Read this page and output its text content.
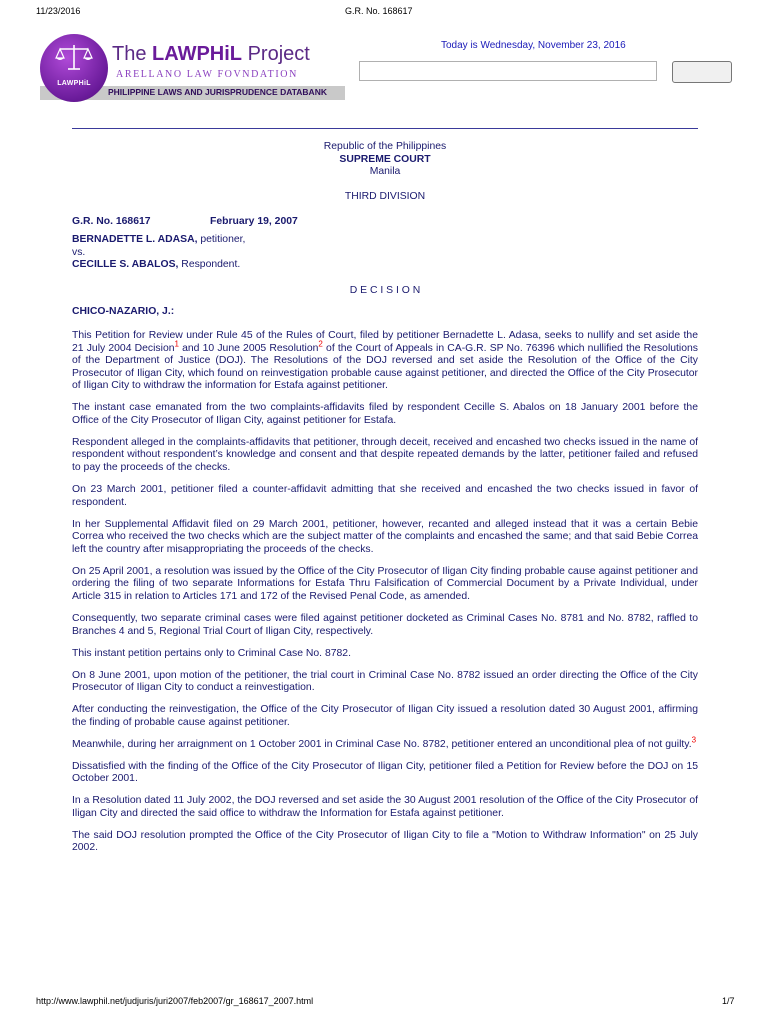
11/23/2016	G.R. No. 168617
PHILIPPINE LAWS AND JURISPRUDENCE DATABANK
LAWPHiL
The LAWPHiL Project
ARELLANO LAW FOVNDATION
Today is Wednesday, November 23, 2016
Republic of the Philippines
SUPREME COURT
Manila
THIRD DIVISION
G.R. No. 168617	February 19, 2007
BERNADETTE L. ADASA, petitioner,
vs.
CECILLE S. ABALOS, Respondent.
D E C I S I O N
CHICO-NAZARIO, J.:

This Petition for Review under Rule 45 of the Rules of Court, filed by petitioner Bernadette L. Adasa, seeks to nullify and set aside the 21 July 2004 Decision$^1$ and 10 June 2005 Resolution$^2$ of the Court of Appeals in CA-G.R. SP No. 76396 which nullified the Resolutions of the Department of Justice (DOJ). The Resolutions of the DOJ reversed and set aside the Resolution of the Office of the City Prosecutor of Iligan City, which found on reinvestigation probable cause against petitioner, and directed the Office of the City Prosecutor of Iligan City to withdraw the information for Estafa against petitioner.

The instant case emanated from the two complaints-affidavits filed by respondent Cecille S. Abalos on 18 January 2001 before the Office of the City Prosecutor of Iligan City, against petitioner for Estafa.

Respondent alleged in the complaints-affidavits that petitioner, through deceit, received and encashed two checks issued in the name of respondent without respondent’s knowledge and consent and that despite repeated demands by the latter, petitioner failed and refused to pay the proceeds of the checks.

On 23 March 2001, petitioner filed a counter-affidavit admitting that she received and encashed the two checks issued in favor of respondent.

In her Supplemental Affidavit filed on 29 March 2001, petitioner, however, recanted and alleged instead that it was a certain Bebie Correa who received the two checks which are the subject matter of the complaints and encashed the same; and that said Bebie Correa left the country after misappropriating the proceeds of the checks.

On 25 April 2001, a resolution was issued by the Office of the City Prosecutor of Iligan City finding probable cause against petitioner and ordering the filing of two separate Informations for Estafa Thru Falsification of Commercial Document by a Private Individual, under Article 315 in relation to Articles 171 and 172 of the Revised Penal Code, as amended.

Consequently, two separate criminal cases were filed against petitioner docketed as Criminal Cases No. 8781 and No. 8782, raffled to Branches 4 and 5, Regional Trial Court of Iligan City, respectively.

This instant petition pertains only to Criminal Case No. 8782.

On 8 June 2001, upon motion of the petitioner, the trial court in Criminal Case No. 8782 issued an order directing the Office of the City Prosecutor of Iligan City to conduct a reinvestigation.

After conducting the reinvestigation, the Office of the City Prosecutor of Iligan City issued a resolution dated 30 August 2001, affirming the finding of probable cause against petitioner.

Meanwhile, during her arraignment on 1 October 2001 in Criminal Case No. 8782, petitioner entered an unconditional plea of not guilty.$^3$

Dissatisfied with the finding of the Office of the City Prosecutor of Iligan City, petitioner filed a Petition for Review before the DOJ on 15 October 2001.

In a Resolution dated 11 July 2002, the DOJ reversed and set aside the 30 August 2001 resolution of the Office of the City Prosecutor of Iligan City and directed the said office to withdraw the Information for Estafa against petitioner.

The said DOJ resolution prompted the Office of the City Prosecutor of Iligan City to file a "Motion to Withdraw Information" on 25 July 2002.

http://www.lawphil.net/judjuris/juri2007/feb2007/gr_168617_2007.html	1/7
